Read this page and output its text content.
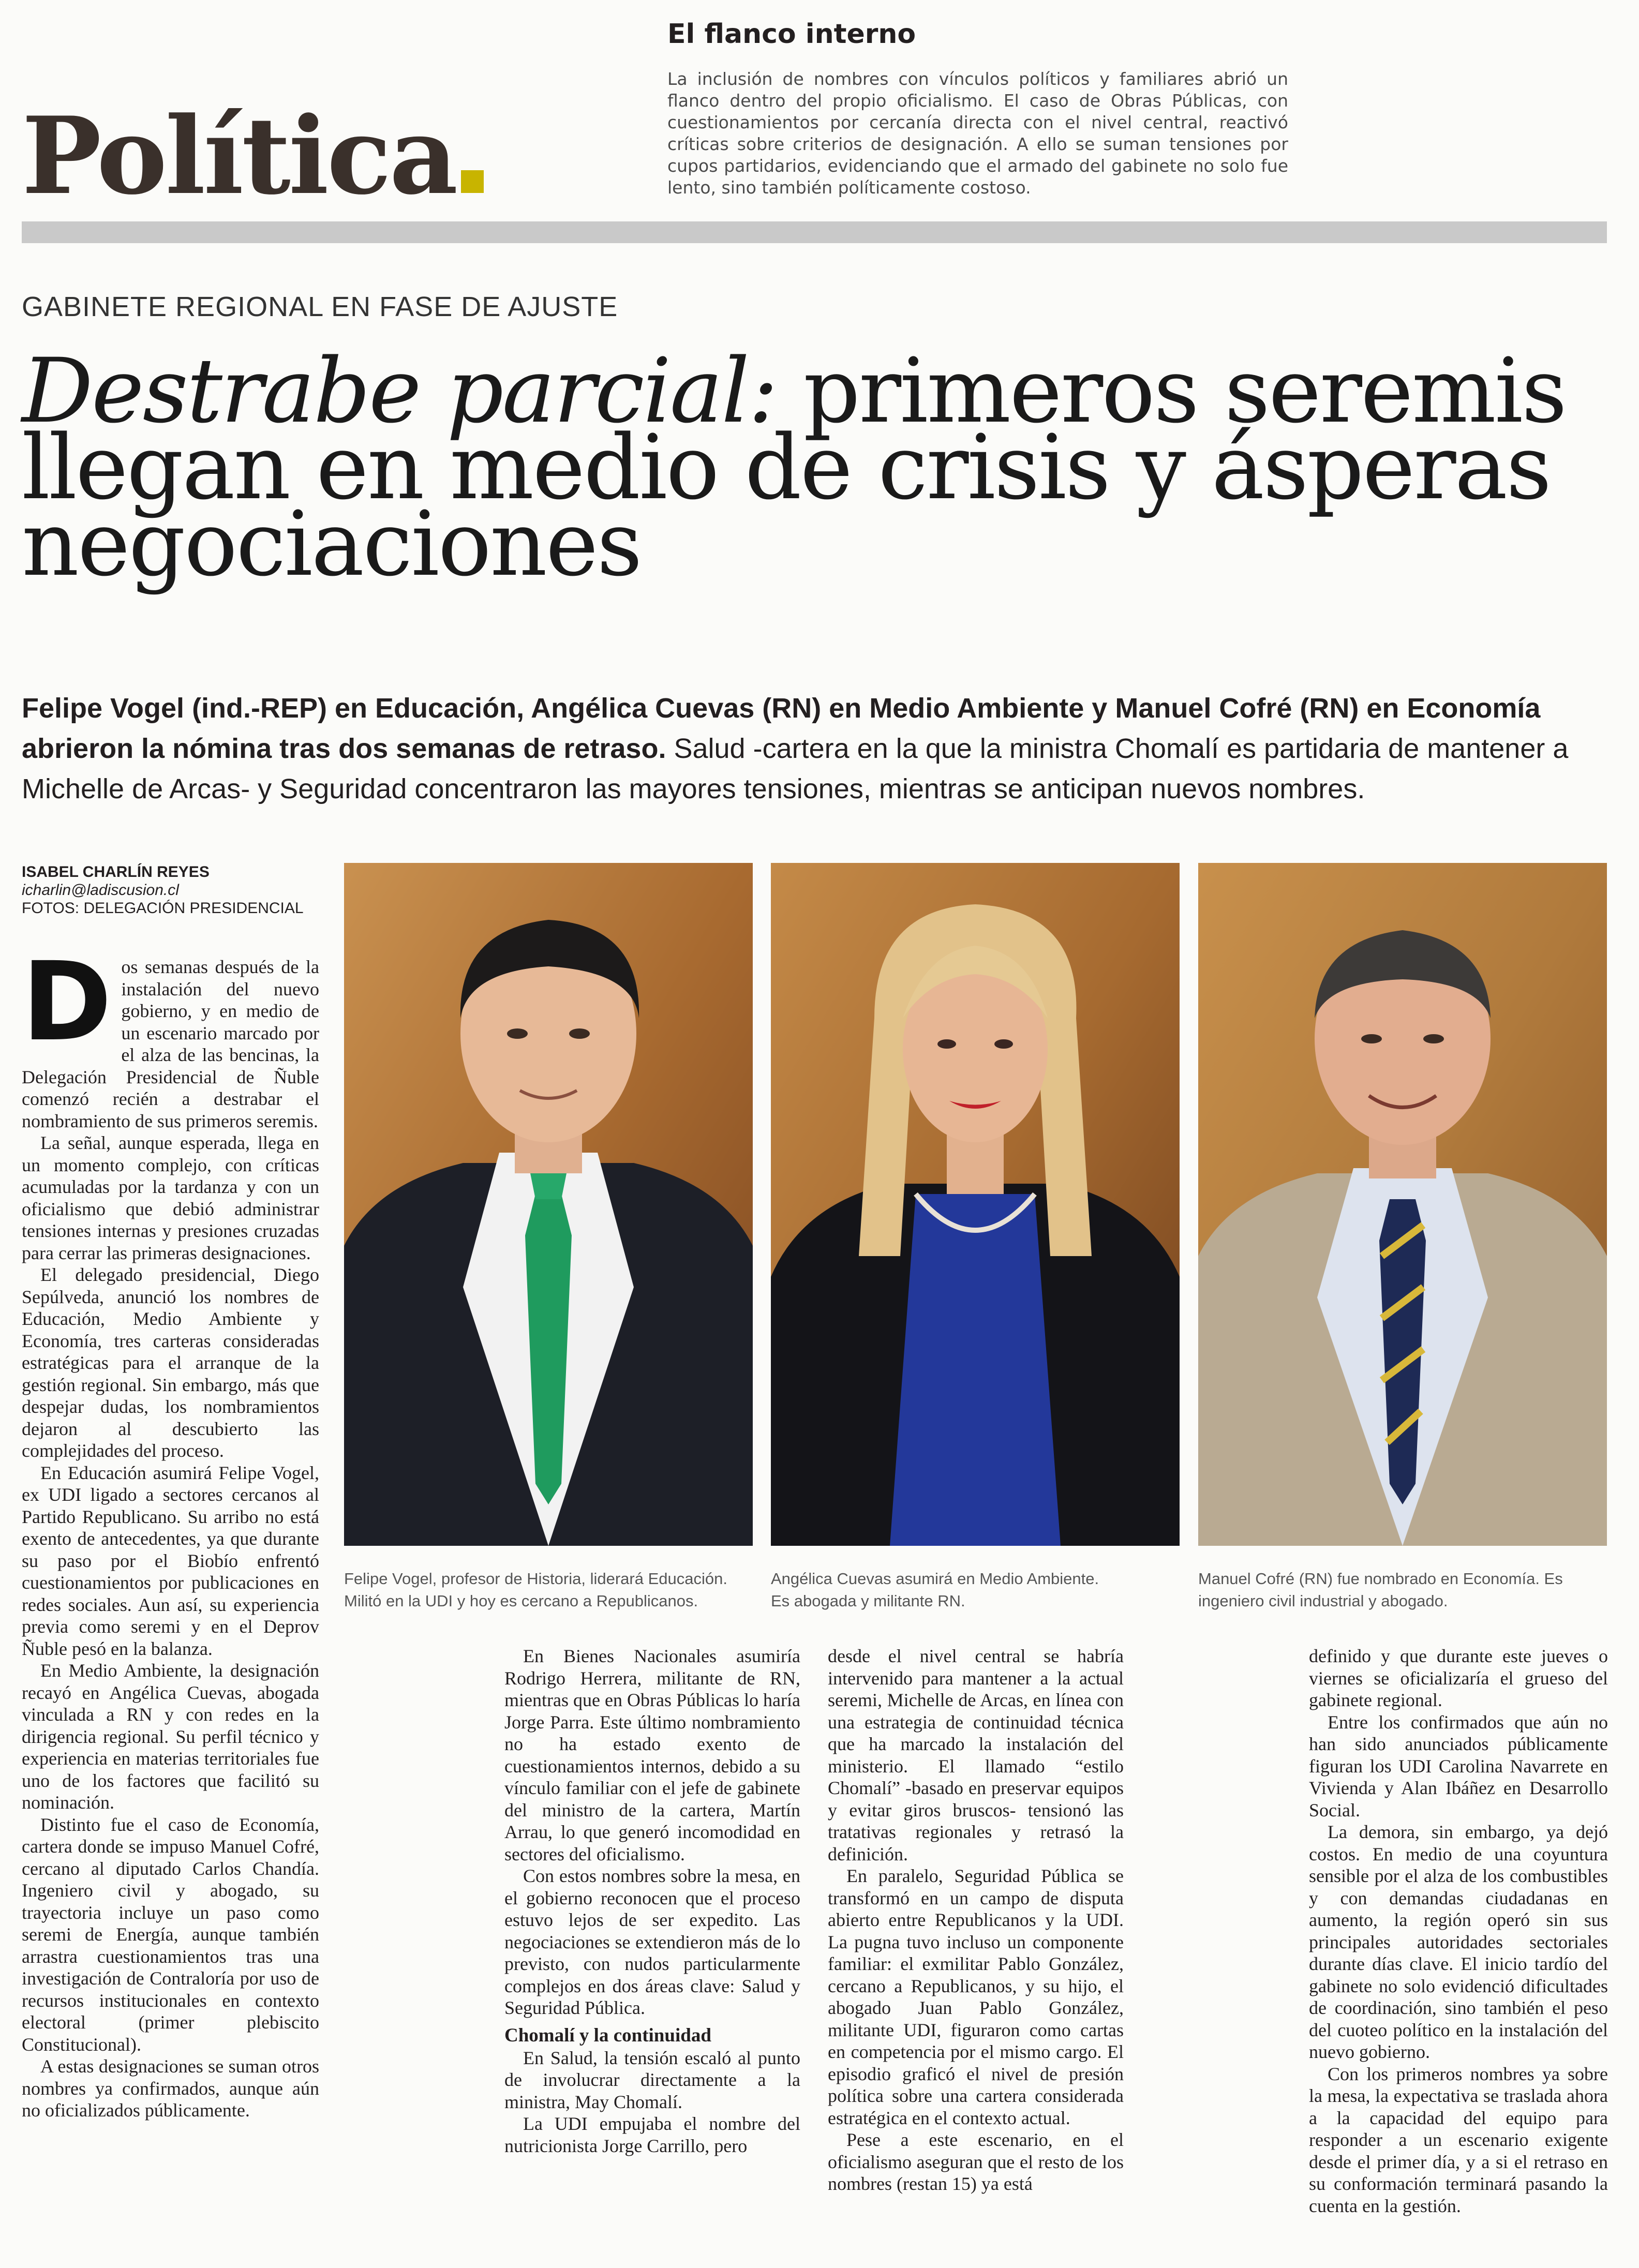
Política
El flanco interno
La inclusión de nombres con vínculos políticos y familiares abrió un flanco dentro del propio oficialismo. El caso de Obras Públicas, con cuestionamientos por cercanía directa con el nivel central, reactivó críticas sobre criterios de designación. A ello se suman tensiones por cupos partidarios, evidenciando que el armado del gabinete no solo fue lento, sino también políticamente costoso.
GABINETE REGIONAL EN FASE DE AJUSTE
Destrabe parcial: primeros seremis llegan en medio de crisis y ásperas negociaciones
Felipe Vogel (ind.-REP) en Educación, Angélica Cuevas (RN) en Medio Ambiente y Manuel Cofré (RN) en Economía abrieron la nómina tras dos semanas de retraso. Salud -cartera en la que la ministra Chomalí es partidaria de mantener a Michelle de Arcas- y Seguridad concentraron las mayores tensiones, mientras se anticipan nuevos nombres.
ISABEL CHARLÍN REYES
icharlin@ladiscusion.cl
FOTOS: DELEGACIÓN PRESIDENCIAL

Dos semanas después de la instalación del nuevo gobierno, y en medio de un escenario marcado por el alza de las bencinas, la Delegación Presidencial de Ñuble comenzó recién a destrabar el nombramiento de sus primeros seremis.

La señal, aunque esperada, llega en un momento complejo, con críticas acumuladas por la tardanza y con un oficialismo que debió administrar tensiones internas y presiones cruzadas para cerrar las primeras designaciones.

El delegado presidencial, Diego Sepúlveda, anunció los nombres de Educación, Medio Ambiente y Economía, tres carteras consideradas estratégicas para el arranque de la gestión regional. Sin embargo, más que despejar dudas, los nombramientos dejaron al descubierto las complejidades del proceso.

En Educación asumirá Felipe Vogel, ex UDI ligado a sectores cercanos al Partido Republicano. Su arribo no está exento de antecedentes, ya que durante su paso por el Biobío enfrentó cuestionamientos por publicaciones en redes sociales. Aun así, su experiencia previa como seremi y en el Deprov Ñuble pesó en la balanza.

En Medio Ambiente, la designación recayó en Angélica Cuevas, abogada vinculada a RN y con redes en la dirigencia regional. Su perfil técnico y experiencia en materias territoriales fue uno de los factores que facilitó su nominación.

Distinto fue el caso de Economía, cartera donde se impuso Manuel Cofré, cercano al diputado Carlos Chandía. Ingeniero civil y abogado, su trayectoria incluye un paso como seremi de Energía, aunque también arrastra cuestionamientos tras una investigación de Contraloría por uso de recursos institucionales en contexto electoral (primer plebiscito Constitucional).

A estas designaciones se suman otros nombres ya confirmados, aunque aún no oficializados públicamente.

Felipe Vogel, profesor de Historia, liderará Educación. Militó en la UDI y hoy es cercano a Republicanos.
Angélica Cuevas asumirá en Medio Ambiente. Es abogada y militante RN.
Manuel Cofré (RN) fue nombrado en Economía. Es ingeniero civil industrial y abogado.

En Bienes Nacionales asumiría Rodrigo Herrera, militante de RN, mientras que en Obras Públicas lo haría Jorge Parra. Este último nombramiento no ha estado exento de cuestionamientos internos, debido a su vínculo familiar con el jefe de gabinete del ministro de la cartera, Martín Arrau, lo que generó incomodidad en sectores del oficialismo.

Con estos nombres sobre la mesa, en el gobierno reconocen que el proceso estuvo lejos de ser expedito. Las negociaciones se extendieron más de lo previsto, con nudos particularmente complejos en dos áreas clave: Salud y Seguridad Pública.

Chomalí y la continuidad

En Salud, la tensión escaló al punto de involucrar directamente a la ministra, May Chomalí.

La UDI empujaba el nombre del nutricionista Jorge Carrillo, pero

desde el nivel central se habría intervenido para mantener a la actual seremi, Michelle de Arcas, en línea con una estrategia de continuidad técnica que ha marcado la instalación del ministerio. El llamado “estilo Chomalí” -basado en preservar equipos y evitar giros bruscos- tensionó las tratativas regionales y retrasó la definición.

En paralelo, Seguridad Pública se transformó en un campo de disputa abierto entre Republicanos y la UDI. La pugna tuvo incluso un componente familiar: el exmilitar Pablo González, cercano a Republicanos, y su hijo, el abogado Juan Pablo González, militante UDI, figuraron como cartas en competencia por el mismo cargo. El episodio graficó el nivel de presión política sobre una cartera considerada estratégica en el contexto actual.

Pese a este escenario, en el oficialismo aseguran que el resto de los nombres (restan 15) ya está

definido y que durante este jueves o viernes se oficializaría el grueso del gabinete regional.

Entre los confirmados que aún no han sido anunciados públicamente figuran los UDI Carolina Navarrete en Vivienda y Alan Ibáñez en Desarrollo Social.

La demora, sin embargo, ya dejó costos. En medio de una coyuntura sensible por el alza de los combustibles y con demandas ciudadanas en aumento, la región operó sin sus principales autoridades sectoriales durante días clave. El inicio tardío del gabinete no solo evidenció dificultades de coordinación, sino también el peso del cuoteo político en la instalación del nuevo gobierno.

Con los primeros nombres ya sobre la mesa, la expectativa se traslada ahora a la capacidad del equipo para responder a un escenario exigente desde el primer día, y a si el retraso en su conformación terminará pasando la cuenta en la gestión.
